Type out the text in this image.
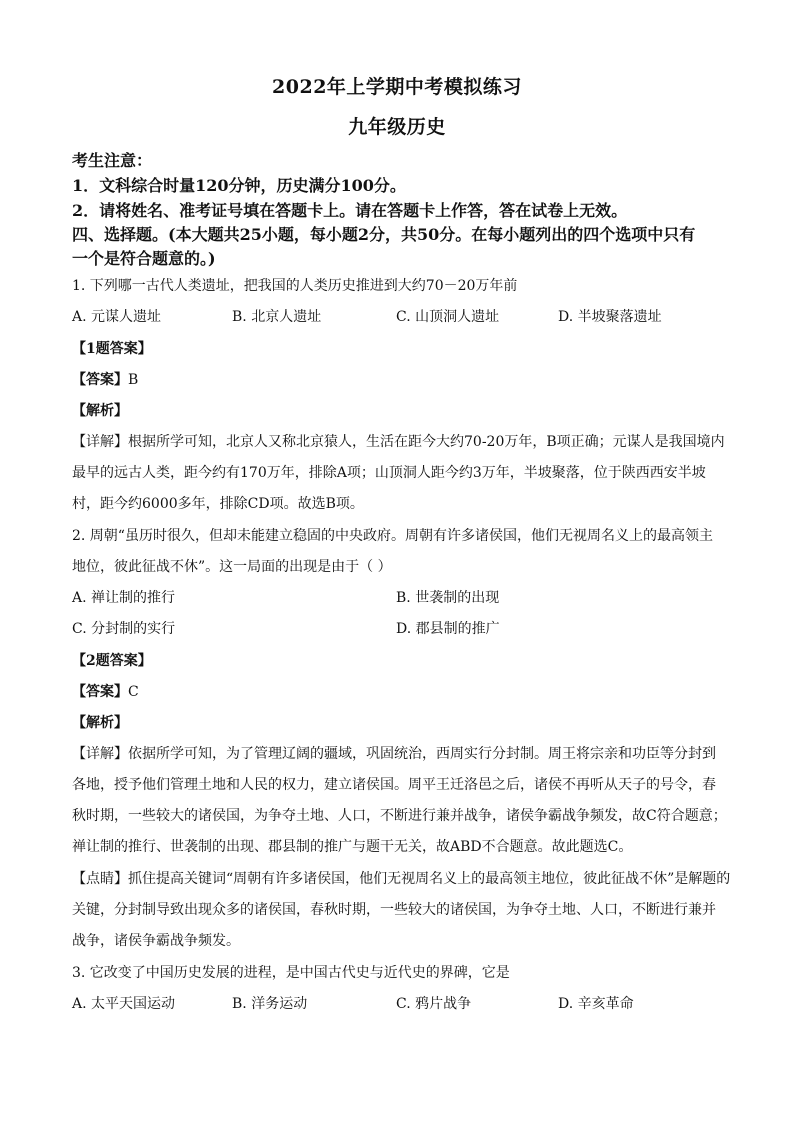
2022年上学期中考模拟练习
九年级历史
考生注意：
1．文科综合时量120分钟，历史满分100分。
2．请将姓名、准考证号填在答题卡上。请在答题卡上作答，答在试卷上无效。
四、选择题。(本大题共25小题，每小题2分，共50分。在每小题列出的四个选项中只有
一个是符合题意的。)
1. 下列哪一古代人类遗址，把我国的人类历史推进到大约70－20万年前
A. 元谋人遗址	B. 北京人遗址	C. 山顶洞人遗址	D. 半坡聚落遗址
【1题答案】
【答案】B
【解析】
【详解】根据所学可知，北京人又称北京猿人，生活在距今大约70-20万年，B项正确；元谋人是我国境内
最早的远古人类，距今约有170万年，排除A项；山顶洞人距今约3万年，半坡聚落，位于陕西西安半坡
村，距今约6000多年，排除CD项。故选B项。
2. 周朝“虽历时很久，但却未能建立稳固的中央政府。周朝有许多诸侯国，他们无视周名义上的最高领主
地位，彼此征战不休”。这一局面的出现是由于（ ）
A. 禅让制的推行	B. 世袭制的出现
C. 分封制的实行	D. 郡县制的推广
【2题答案】
【答案】C
【解析】
【详解】依据所学可知，为了管理辽阔的疆域，巩固统治，西周实行分封制。周王将宗亲和功臣等分封到
各地，授予他们管理土地和人民的权力，建立诸侯国。周平王迁洛邑之后，诸侯不再听从天子的号令，春
秋时期，一些较大的诸侯国，为争夺土地、人口，不断进行兼并战争，诸侯争霸战争频发，故C符合题意；
禅让制的推行、世袭制的出现、郡县制的推广与题干无关，故ABD不合题意。故此题选C。
【点睛】抓住提高关键词“周朝有许多诸侯国，他们无视周名义上的最高领主地位，彼此征战不休”是解题的
关键，分封制导致出现众多的诸侯国，春秋时期，一些较大的诸侯国，为争夺土地、人口，不断进行兼并
战争，诸侯争霸战争频发。
3. 它改变了中国历史发展的进程，是中国古代史与近代史的界碑，它是
A. 太平天国运动	B. 洋务运动	C. 鸦片战争	D. 辛亥革命
